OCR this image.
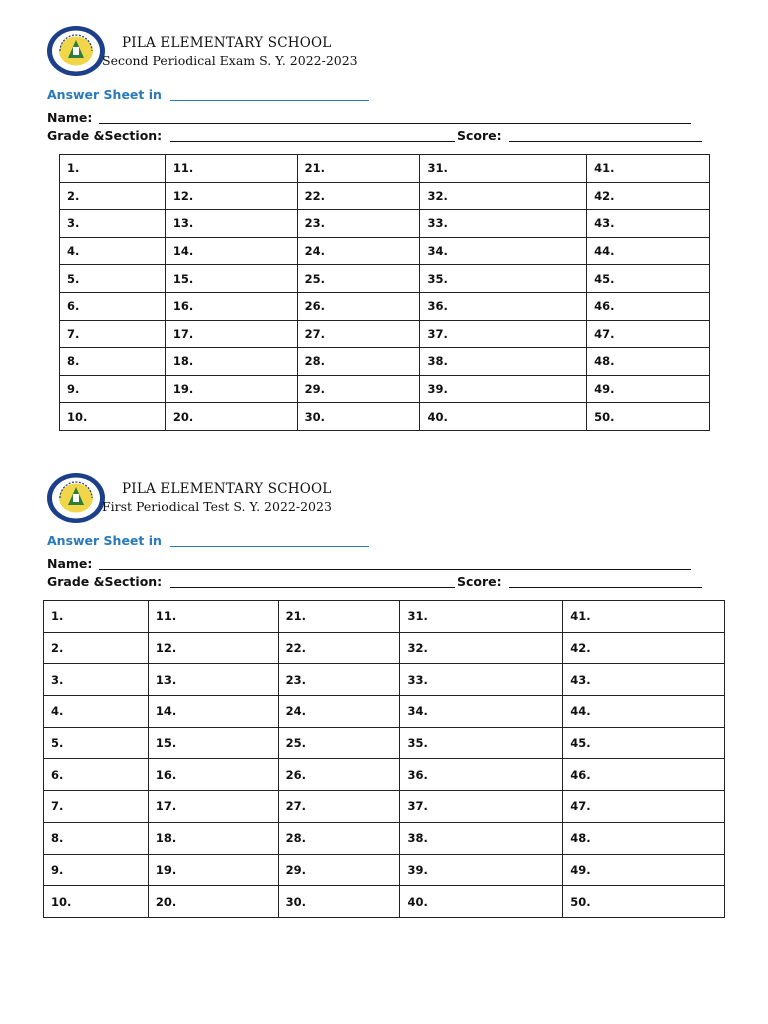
PILA ELEMENTARY SCHOOL
Second Periodical Exam S. Y. 2022-2023
Answer Sheet in
Name:
Grade &Section:	Score:
1.	11.	21.	31.	41.
2.	12.	22.	32.	42.
3.	13.	23.	33.	43.
4.	14.	24.	34.	44.
5.	15.	25.	35.	45.
6.	16.	26.	36.	46.
7.	17.	27.	37.	47.
8.	18.	28.	38.	48.
9.	19.	29.	39.	49.
10.	20.	30.	40.	50.
PILA ELEMENTARY SCHOOL
First Periodical Test S. Y. 2022-2023
Answer Sheet in
Name:
Grade &Section:	Score:
1.	11.	21.	31.	41.
2.	12.	22.	32.	42.
3.	13.	23.	33.	43.
4.	14.	24.	34.	44.
5.	15.	25.	35.	45.
6.	16.	26.	36.	46.
7.	17.	27.	37.	47.
8.	18.	28.	38.	48.
9.	19.	29.	39.	49.
10.	20.	30.	40.	50.
